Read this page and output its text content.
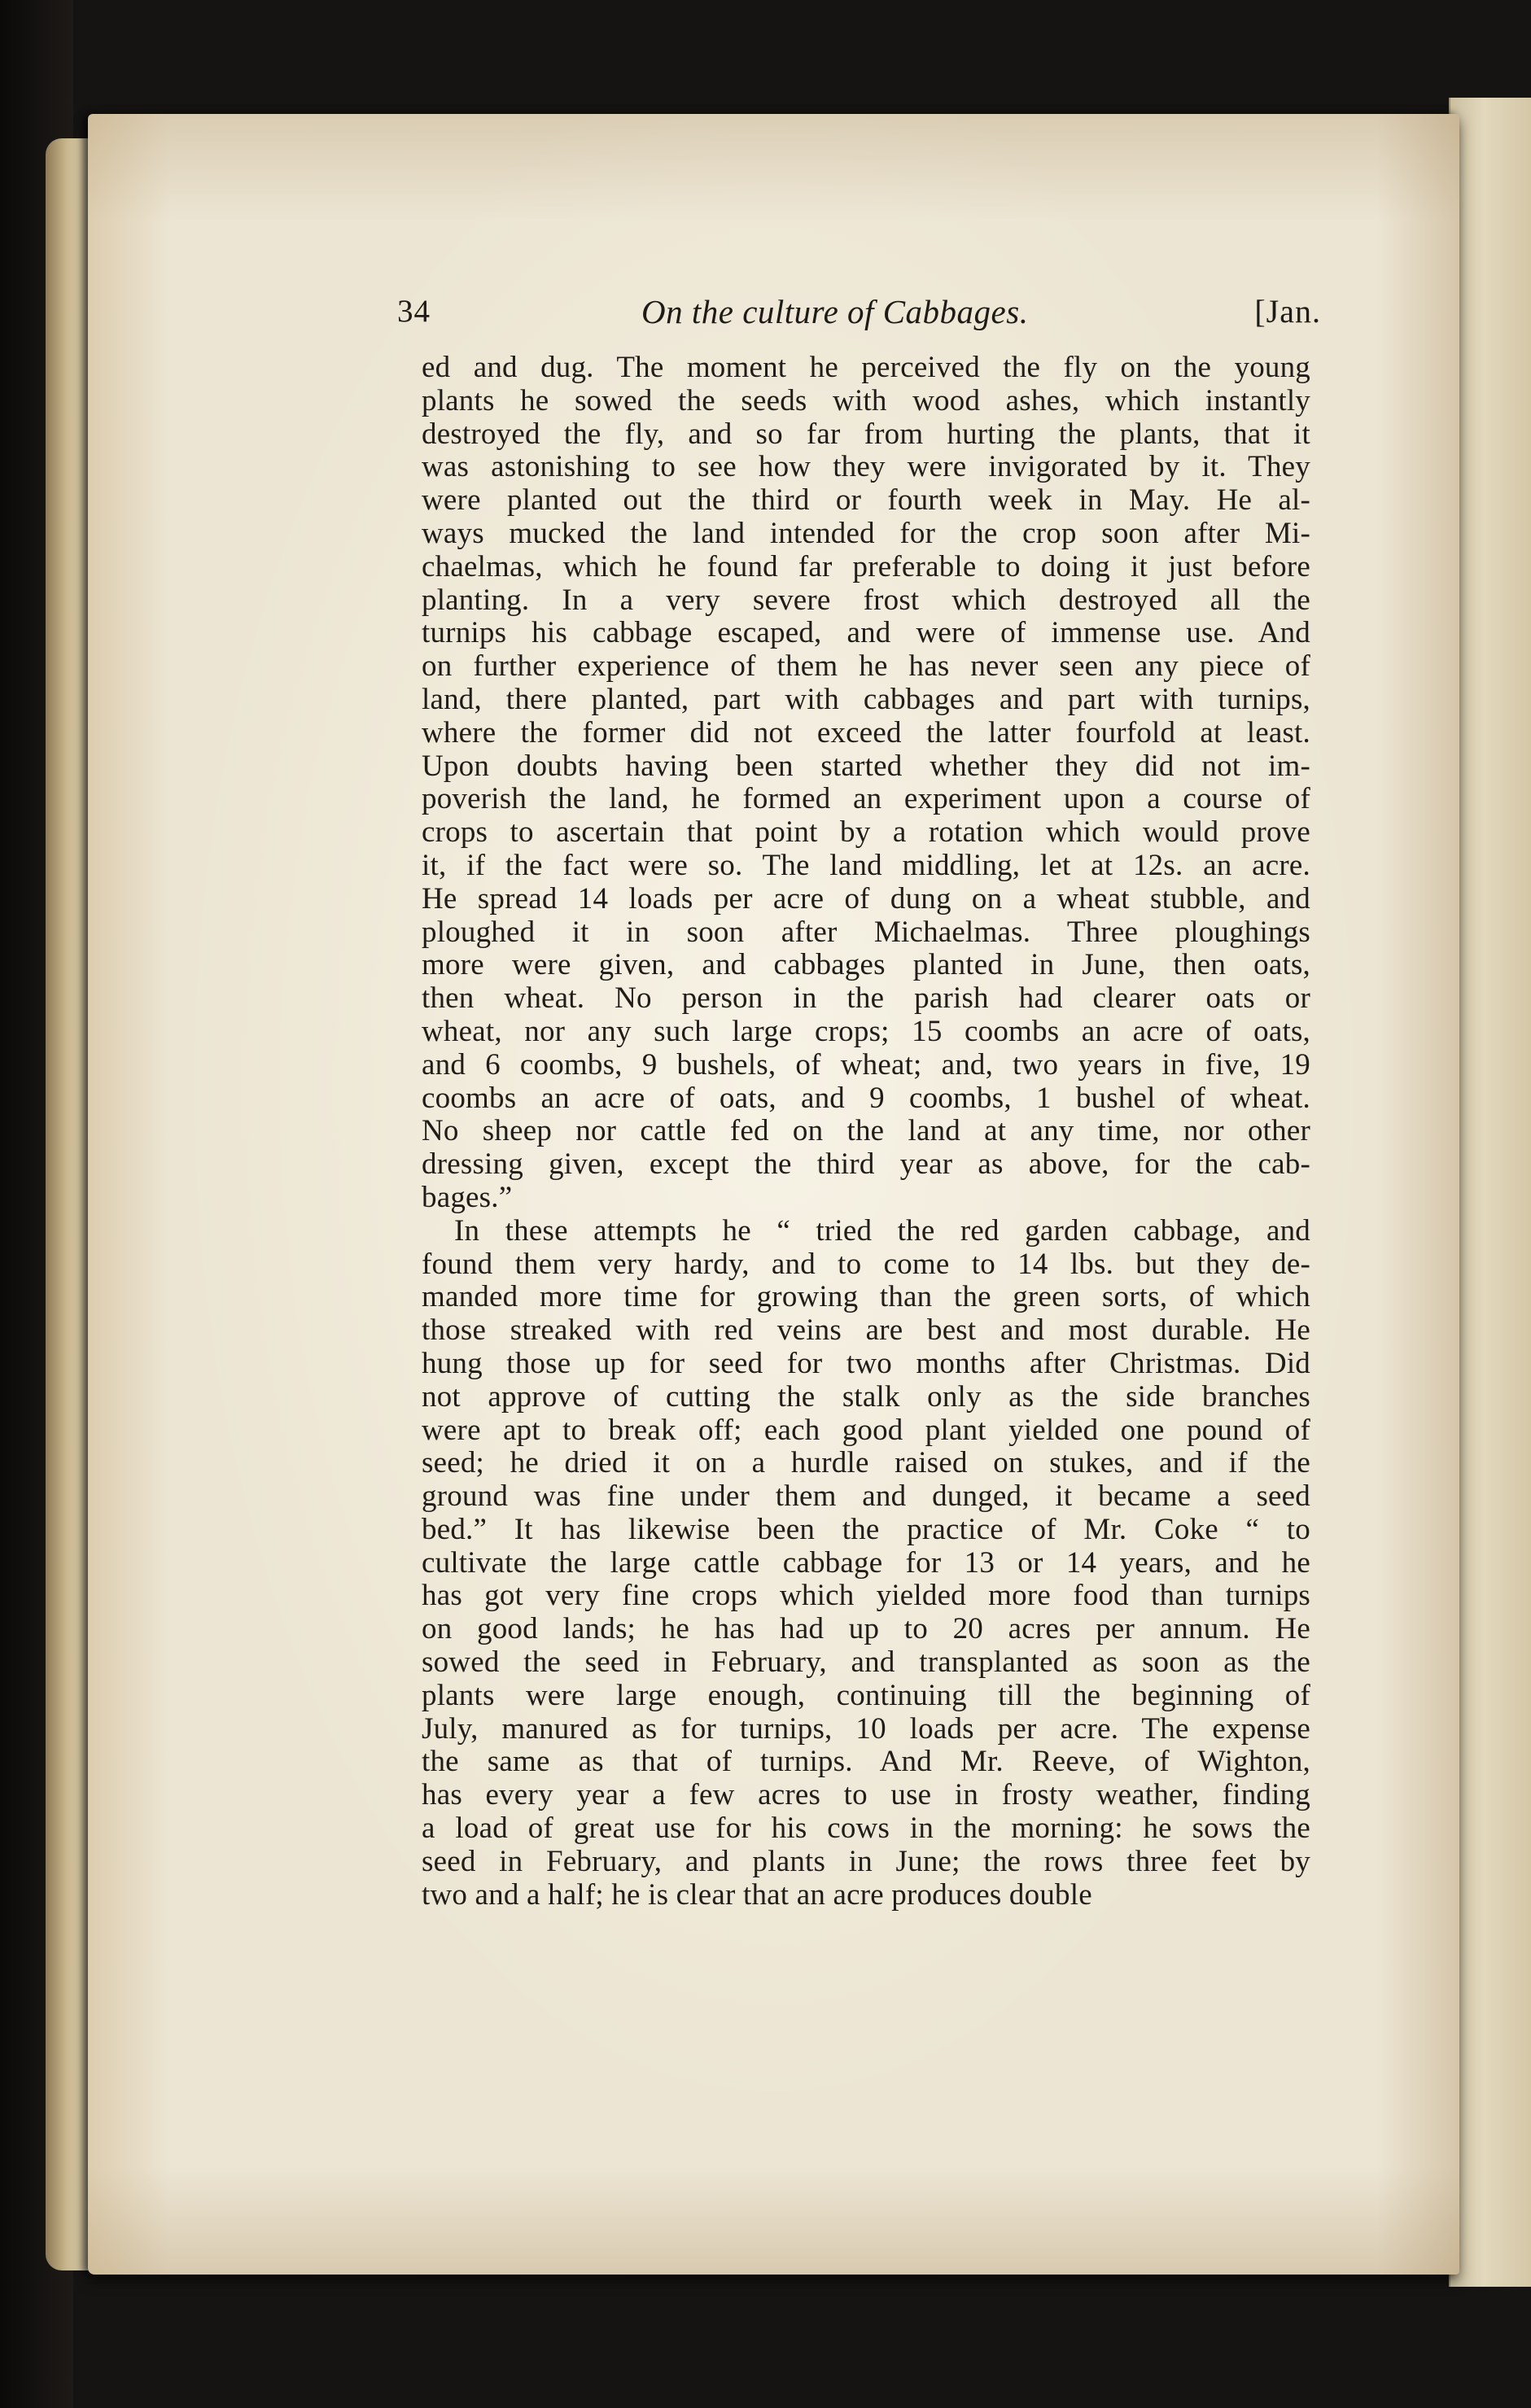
34	On the culture of Cabbages.	[Jan.
ed and dug. The moment he perceived the fly on the young
plants he sowed the seeds with wood ashes, which instantly
destroyed the fly, and so far from hurting the plants, that it
was astonishing to see how they were invigorated by it. They
were planted out the third or fourth week in May. He al-
ways mucked the land intended for the crop soon after Mi-
chaelmas, which he found far preferable to doing it just before
planting. In a very severe frost which destroyed all the
turnips his cabbage escaped, and were of immense use. And
on further experience of them he has never seen any piece of
land, there planted, part with cabbages and part with turnips,
where the former did not exceed the latter fourfold at least.
Upon doubts having been started whether they did not im-
poverish the land, he formed an experiment upon a course of
crops to ascertain that point by a rotation which would prove
it, if the fact were so. The land middling, let at 12s. an acre.
He spread 14 loads per acre of dung on a wheat stubble, and
ploughed it in soon after Michaelmas. Three ploughings
more were given, and cabbages planted in June, then oats,
then wheat. No person in the parish had clearer oats or
wheat, nor any such large crops; 15 coombs an acre of oats,
and 6 coombs, 9 bushels, of wheat; and, two years in five, 19
coombs an acre of oats, and 9 coombs, 1 bushel of wheat.
No sheep nor cattle fed on the land at any time, nor other
dressing given, except the third year as above, for the cab-
bages.”
In these attempts he “ tried the red garden cabbage, and
found them very hardy, and to come to 14 lbs. but they de-
manded more time for growing than the green sorts, of which
those streaked with red veins are best and most durable. He
hung those up for seed for two months after Christmas. Did
not approve of cutting the stalk only as the side branches
were apt to break off; each good plant yielded one pound of
seed; he dried it on a hurdle raised on stukes, and if the
ground was fine under them and dunged, it became a seed
bed.” It has likewise been the practice of Mr. Coke “ to
cultivate the large cattle cabbage for 13 or 14 years, and he
has got very fine crops which yielded more food than turnips
on good lands; he has had up to 20 acres per annum. He
sowed the seed in February, and transplanted as soon as the
plants were large enough, continuing till the beginning of
July, manured as for turnips, 10 loads per acre. The expense
the same as that of turnips. And Mr. Reeve, of Wighton,
has every year a few acres to use in frosty weather, finding
a load of great use for his cows in the morning: he sows the
seed in February, and plants in June; the rows three feet by
two and a half; he is clear that an acre produces double
